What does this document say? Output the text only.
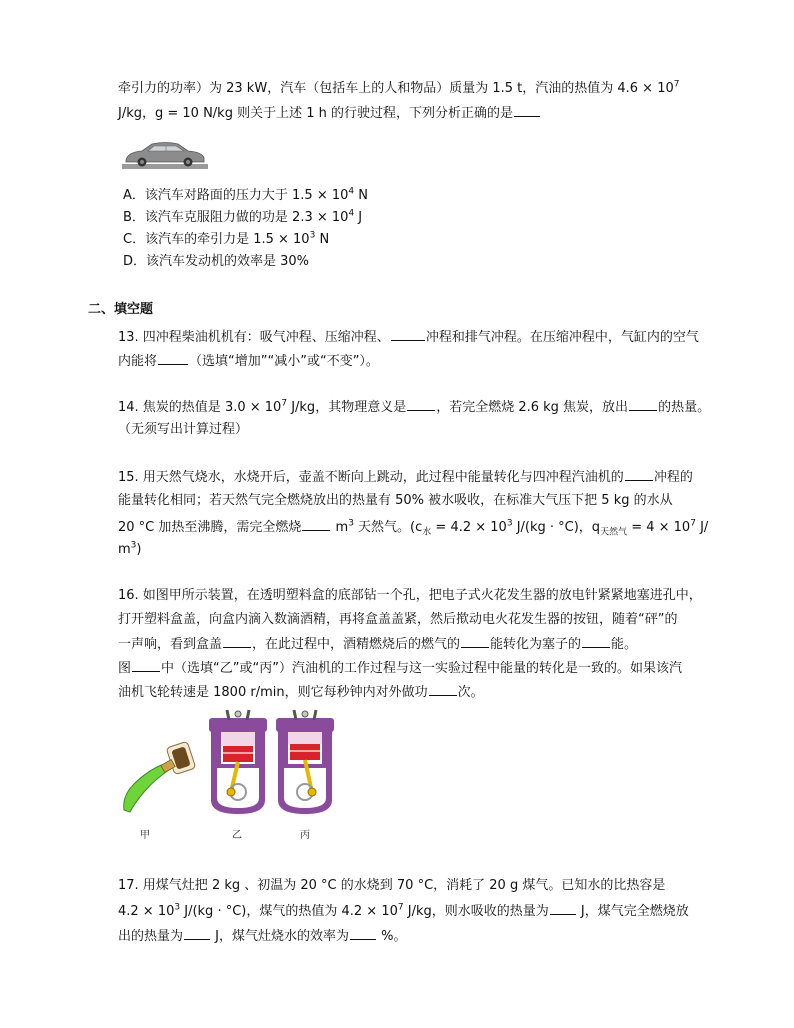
牵引力的功率）为 23 kW，汽车（包括车上的人和物品）质量为 1.5 t，汽油的热值为 $4.6 \times 10^7$
J/kg，g = 10 N/kg 则关于上述 1 h 的行驶过程，下列分析正确的是
A．该汽车对路面的压力大于 $1.5 \times 10^4$ N
B．该汽车克服阻力做的功是 $2.3 \times 10^4$ J
C．该汽车的牵引力是 $1.5 \times 10^3$ N
D．该汽车发动机的效率是 30%
二、填空题
13. 四冲程柴油机机有：吸气冲程、压缩冲程、	冲程和排气冲程。在压缩冲程中，气缸内的空气
内能将 （选填“增加”“减小”或“不变”）。
14. 焦炭的热值是 $3.0 \times 10^7$ J/kg，其物理意义是 ，若完全燃烧 2.6 kg 焦炭，放出 的热量。
（无须写出计算过程）
15. 用天然气烧水，水烧开后，壶盖不断向上跳动，此过程中能量转化与四冲程汽油机的 冲程的
能量转化相同；若天然气完全燃烧放出的热量有 50% 被水吸收，在标准大气压下把 5 kg 的水从
20 °C 加热至沸腾，需完全燃烧 $m^3$ 天然气。($c_水 = 4.2 \times 10^3$ J/(kg · °C)，$q_{天然气} = 4 \times 10^7$ J/
$m^3$)
16. 如图甲所示装置，在透明塑料盒的底部钻一个孔，把电子式火花发生器的放电针紧紧地塞进孔中，
打开塑料盒盖，向盒内滴入数滴酒精，再将盒盖盖紧，然后揿动电火花发生器的按钮，随着“砰”的
一声响，看到盒盖 ，在此过程中，酒精燃烧后的燃气的 能转化为塞子的 能。
图 中（选填“乙”或“丙”）汽油机的工作过程与这一实验过程中能量的转化是一致的。如果该汽
油机飞轮转速是 1800 r/min，则它每秒钟内对外做功 次。
甲	乙	丙
17. 用煤气灶把 2 kg 、初温为 20 °C 的水烧到 70 °C，消耗了 20 g 煤气。已知水的比热容是
$4.2 \times 10^3$ J/(kg · °C)，煤气的热值为 $4.2 \times 10^7$ J/kg，则水吸收的热量为 J，煤气完全燃烧放
出的热量为 J，煤气灶烧水的效率为 %。
